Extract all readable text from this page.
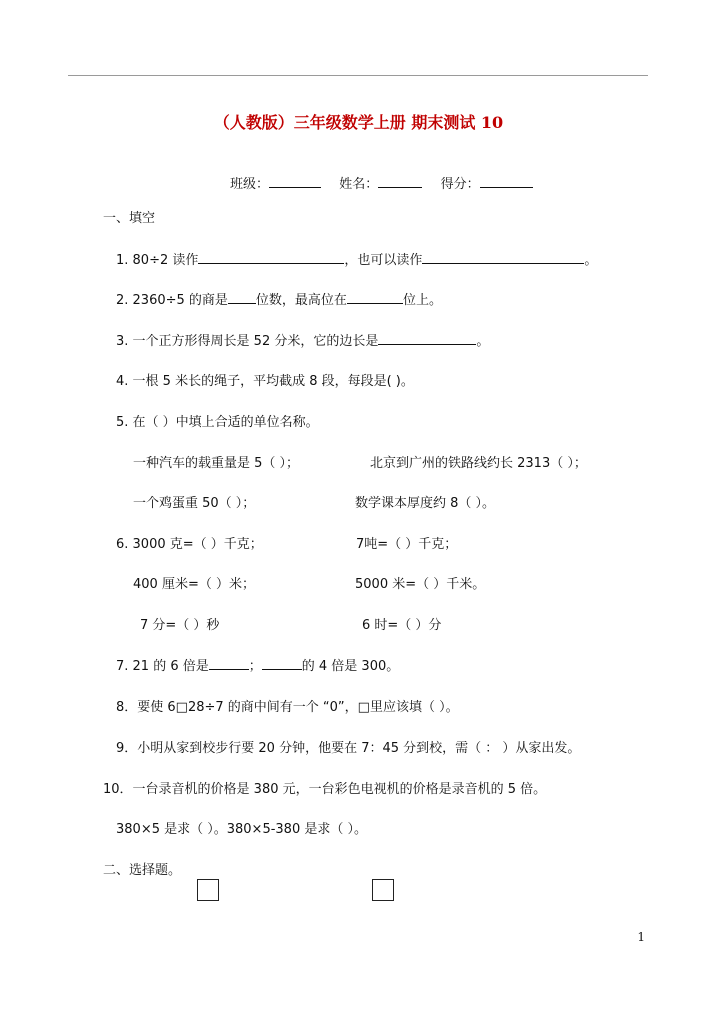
（人教版）三年级数学上册 期末测试 10
班级：	姓名：	得分：
一、填空
1. 80÷2 读作	，也可以读作	。
2. 2360÷5 的商是 位数，最高位在	位上。
3. 一个正方形得周长是 52 分米，它的边长是	。
4. 一根 5 米长的绳子，平均截成 8 段，每段是( )。
5. 在（ ）中填上合适的单位名称。
一种汽车的载重量是 5（ ）；	北京到广州的铁路线约长 2313（ ）；
一个鸡蛋重 50（ ）；	数学课本厚度约 8（ ）。
6. 3000 克=（ ）千克；	7吨=（ ）千克；
400 厘米=（ ）米；	5000 米=（ ）千米。
7 分=（ ）秒	6 时=（ ）分
7. 21 的 6 倍是	；	的 4 倍是 300。
8．要使 6□28÷7 的商中间有一个 “0”，□里应该填（ ）。
9．小明从家到校步行要 20 分钟，他要在 7：45 分到校，需（ ： ）从家出发。
10．一台录音机的价格是 380 元，一台彩色电视机的价格是录音机的 5 倍。
380×5 是求（ ）。380×5-380 是求（ ）。
二、选择题。
1
